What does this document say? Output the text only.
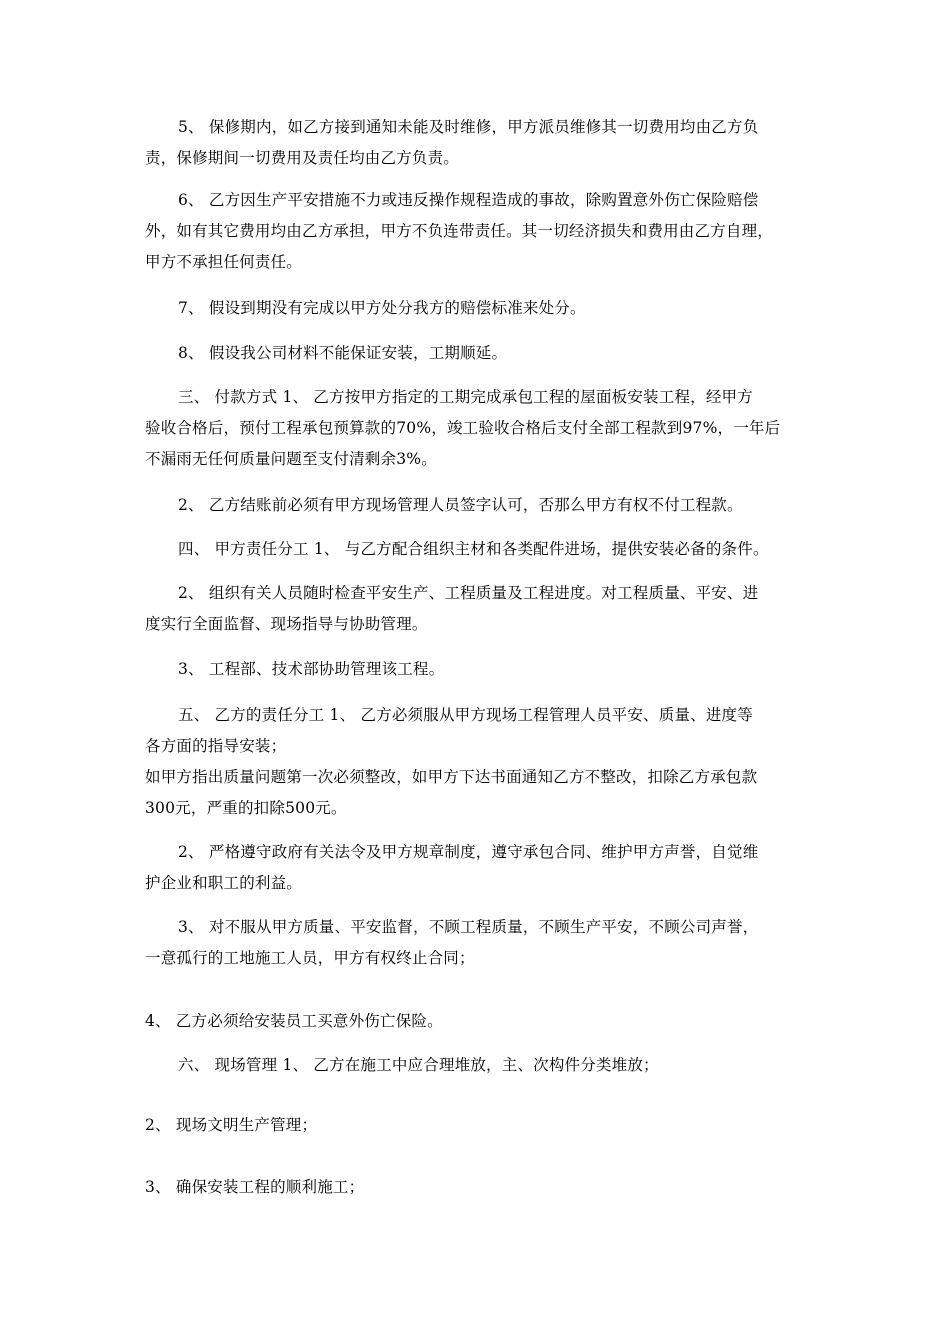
5、 保修期内，如乙方接到通知未能及时维修，甲方派员维修其一切费用均由乙方负
责，保修期间一切费用及责任均由乙方负责。
6、 乙方因生产平安措施不力或违反操作规程造成的事故，除购置意外伤亡保险赔偿
外，如有其它费用均由乙方承担，甲方不负连带责任。其一切经济损失和费用由乙方自理，
甲方不承担任何责任。
7、 假设到期没有完成以甲方处分我方的赔偿标准来处分。
8、 假设我公司材料不能保证安装，工期顺延。
三、 付款方式 1、 乙方按甲方指定的工期完成承包工程的屋面板安装工程，经甲方
验收合格后，预付工程承包预算款的70%，竣工验收合格后支付全部工程款到97%，一年后
不漏雨无任何质量问题至支付清剩余3%。
2、 乙方结账前必须有甲方现场管理人员签字认可，否那么甲方有权不付工程款。
四、 甲方责任分工 1、 与乙方配合组织主材和各类配件进场，提供安装必备的条件。
2、 组织有关人员随时检查平安生产、工程质量及工程进度。对工程质量、平安、进
度实行全面监督、现场指导与协助管理。
3、 工程部、技术部协助管理该工程。
五、 乙方的责任分工 1、 乙方必须服从甲方现场工程管理人员平安、质量、进度等
各方面的指导安装；
如甲方指出质量问题第一次必须整改，如甲方下达书面通知乙方不整改，扣除乙方承包款
300元，严重的扣除500元。
2、 严格遵守政府有关法令及甲方规章制度，遵守承包合同、维护甲方声誉，自觉维
护企业和职工的利益。
3、 对不服从甲方质量、平安监督，不顾工程质量，不顾生产平安，不顾公司声誉，
一意孤行的工地施工人员，甲方有权终止合同；
4、 乙方必须给安装员工买意外伤亡保险。
六、 现场管理 1、 乙方在施工中应合理堆放，主、次构件分类堆放；
2、 现场文明生产管理；
3、 确保安装工程的顺利施工；
